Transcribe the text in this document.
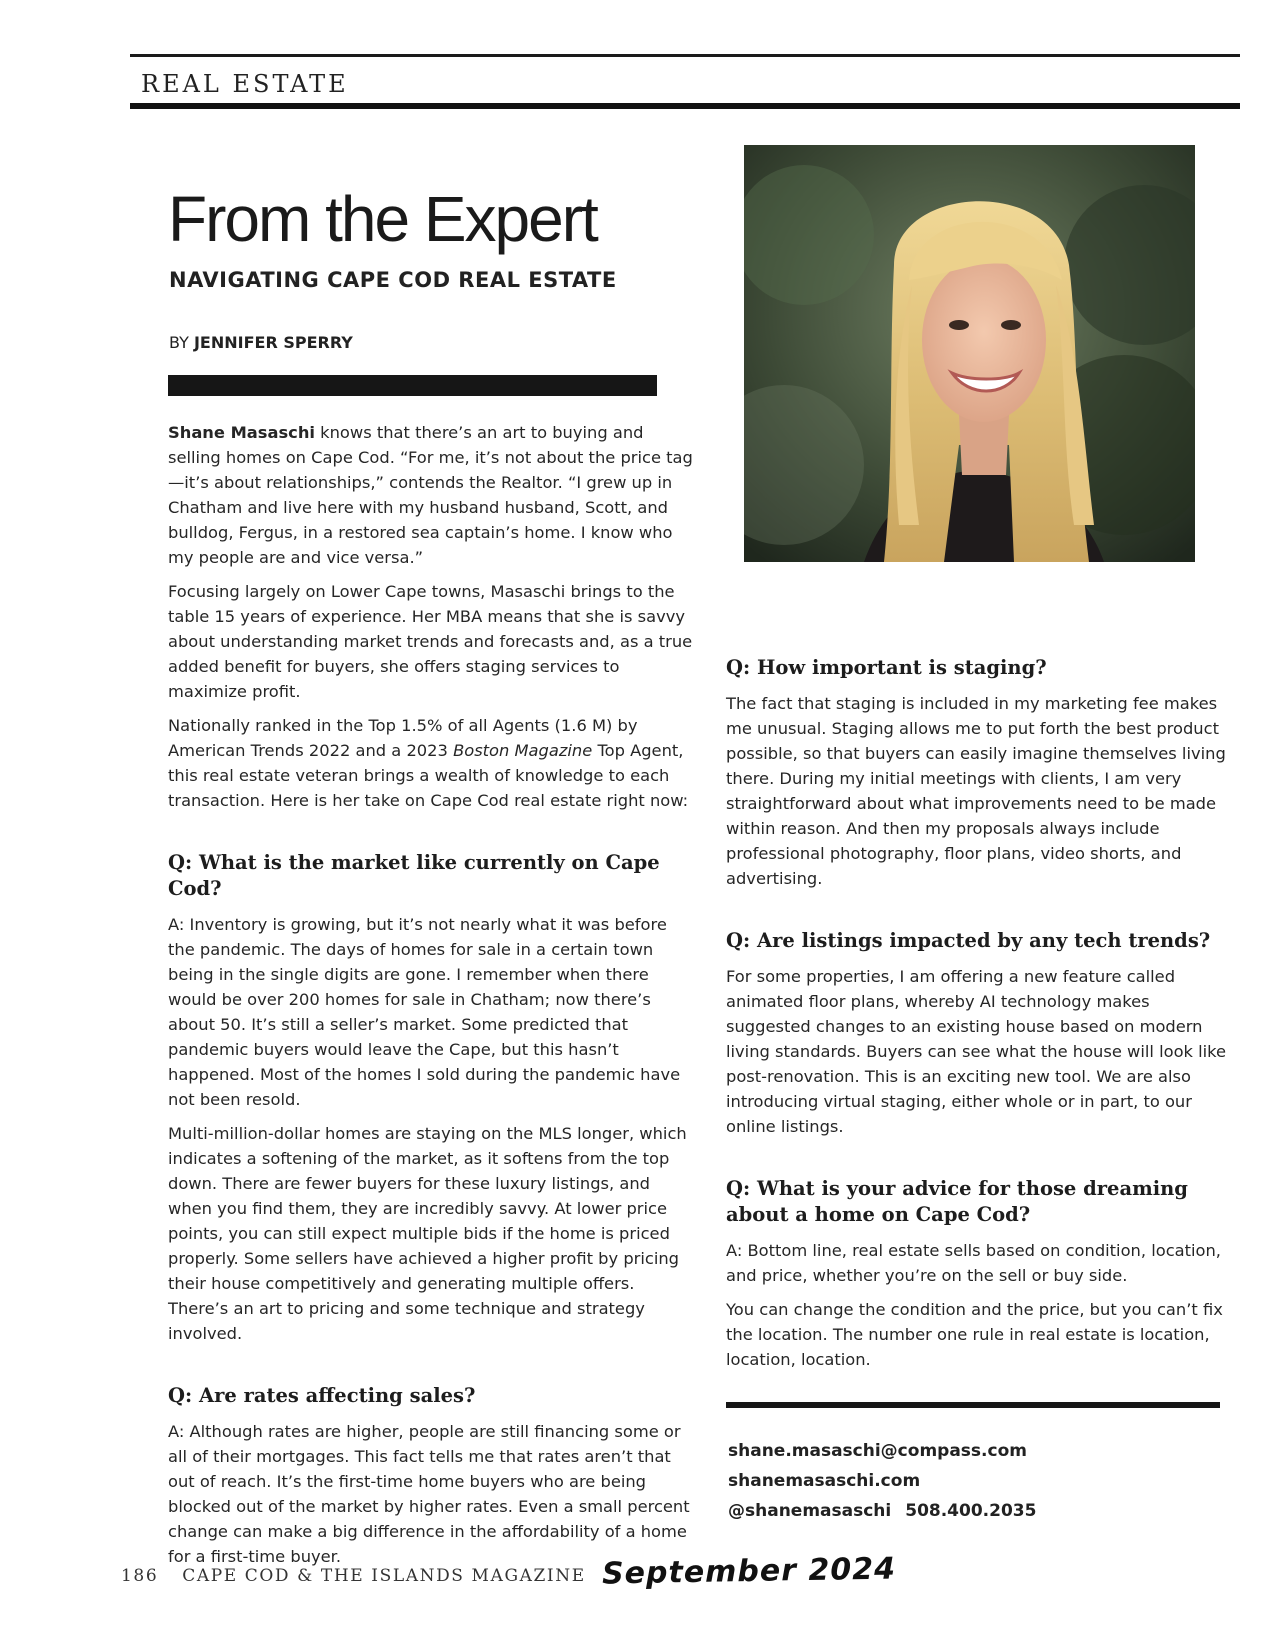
REAL ESTATE
From the Expert
NAVIGATING CAPE COD REAL ESTATE
BY JENNIFER SPERRY

Shane Masaschi knows that there’s an art to buying and selling homes on Cape Cod. “For me, it’s not about the price tag—it’s about relationships,” contends the Realtor. “I grew up in Chatham and live here with my husband husband, Scott, and bulldog, Fergus, in a restored sea captain’s home. I know who my people are and vice versa.”

Focusing largely on Lower Cape towns, Masaschi brings to the table 15 years of experience. Her MBA means that she is savvy about understanding market trends and forecasts and, as a true added benefit for buyers, she offers staging services to maximize profit.

Nationally ranked in the Top 1.5% of all Agents (1.6 M) by American Trends 2022 and a 2023 Boston Magazine Top Agent, this real estate veteran brings a wealth of knowledge to each transaction. Here is her take on Cape Cod real estate right now:

Q: What is the market like currently on Cape Cod?

A: Inventory is growing, but it’s not nearly what it was before the pandemic. The days of homes for sale in a certain town being in the single digits are gone. I remember when there would be over 200 homes for sale in Chatham; now there’s about 50. It’s still a seller’s market. Some predicted that pandemic buyers would leave the Cape, but this hasn’t happened. Most of the homes I sold during the pandemic have not been resold.

Multi-million-dollar homes are staying on the MLS longer, which indicates a softening of the market, as it softens from the top down. There are fewer buyers for these luxury listings, and when you find them, they are incredibly savvy. At lower price points, you can still expect multiple bids if the home is priced properly. Some sellers have achieved a higher profit by pricing their house competitively and generating multiple offers. There’s an art to pricing and some technique and strategy involved.

Q: Are rates affecting sales?

A: Although rates are higher, people are still financing some or all of their mortgages. This fact tells me that rates aren’t that out of reach. It’s the first-time home buyers who are being blocked out of the market by higher rates. Even a small percent change can make a big difference in the affordability of a home for a first-time buyer.

Q: How important is staging?

The fact that staging is included in my marketing fee makes me unusual. Staging allows me to put forth the best product possible, so that buyers can easily imagine themselves living there. During my initial meetings with clients, I am very straightforward about what improvements need to be made within reason. And then my proposals always include professional photography, floor plans, video shorts, and advertising.

Q: Are listings impacted by any tech trends?

For some properties, I am offering a new feature called animated floor plans, whereby AI technology makes suggested changes to an existing house based on modern living standards. Buyers can see what the house will look like post-renovation. This is an exciting new tool. We are also introducing virtual staging, either whole or in part, to our online listings.

Q: What is your advice for those dreaming about a home on Cape Cod?

A: Bottom line, real estate sells based on condition, location, and price, whether you’re on the sell or buy side.

You can change the condition and the price, but you can’t fix the location. The number one rule in real estate is location, location, location.

shane.masaschi@compass.com
shanemasaschi.com
@shanemasaschi 508.400.2035
186 CAPE COD & THE ISLANDS MAGAZINE September 2024
